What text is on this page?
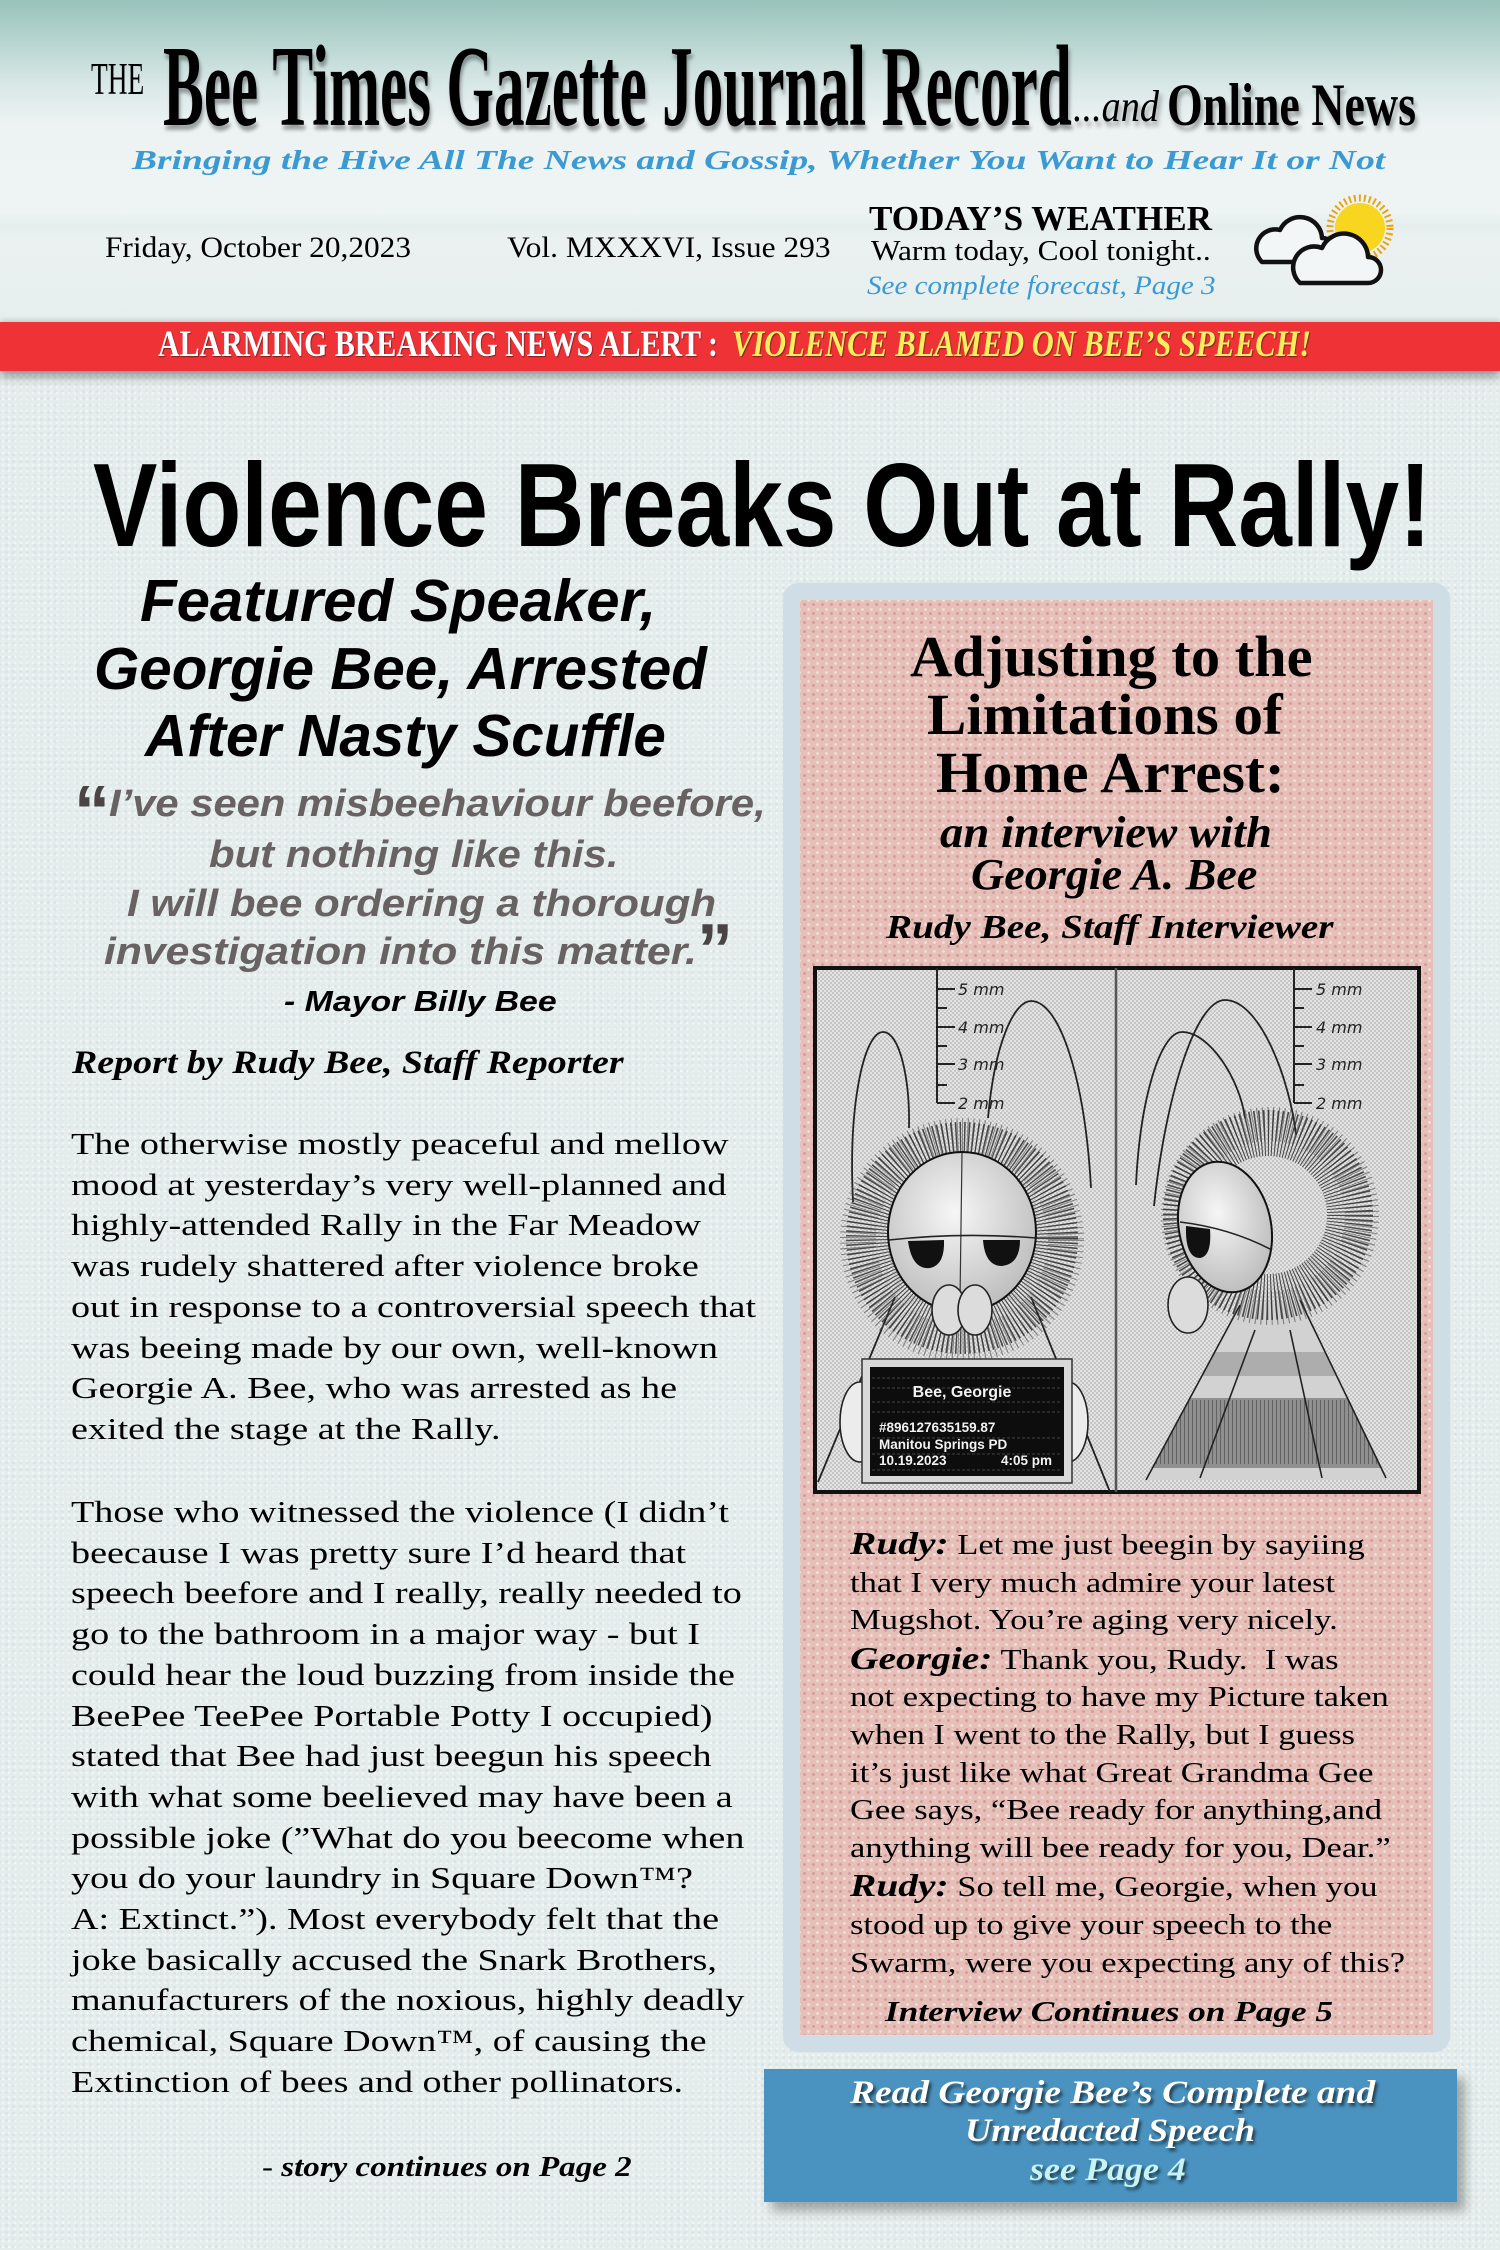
THE Bee Times Gazette Journal Record ...and Online News
Bringing the Hive All The News and Gossip, Whether You Want to Hear It or Not
Friday, October 20,2023	Vol. MXXXVI, Issue 293
TODAY’S WEATHER
Warm today, Cool tonight..
See complete forecast, Page 3
ALARMING BREAKING NEWS ALERT : VIOLENCE BLAMED ON BEE’S SPEECH!
Violence Breaks Out at Rally!
Featured Speaker,
Georgie Bee, Arrested
After Nasty Scuffle
“ I’ve seen misbeehaviour beefore,
but nothing like this.
I will bee ordering a thorough
investigation into this matter. ”
- Mayor Billy Bee
Report by Rudy Bee, Staff Reporter
The otherwise mostly peaceful and mellow
mood at yesterday’s very well-planned and
highly-attended Rally in the Far Meadow
was rudely shattered after violence broke
out in response to a controversial speech that
was beeing made by our own, well-known
Georgie A. Bee, who was arrested as he
exited the stage at the Rally.
Those who witnessed the violence (I didn’t
beecause I was pretty sure I’d heard that
speech beefore and I really, really needed to
go to the bathroom in a major way - but I
could hear the loud buzzing from inside the
BeePee TeePee Portable Potty I occupied)
stated that Bee had just beegun his speech
with what some beelieved may have been a
possible joke (”What do you beecome when
you do your laundry in Square Down™?
A: Extinct.”). Most everybody felt that the
joke basically accused the Snark Brothers,
manufacturers of the noxious, highly deadly
chemical, Square Down™, of causing the
Extinction of bees and other pollinators.
- story continues on Page 2
Adjusting to the
Limitations of
Home Arrest:
an interview with
Georgie A. Bee
Rudy Bee, Staff Interviewer
5 mm
4 mm
3 mm
2 mm
5 mm
4 mm
3 mm
2 mm
Bee, Georgie
#896127635159.87
Manitou Springs PD
10.19.2023	4:05 pm
Rudy: Let me just beegin by sayiing
that I very much admire your latest
Mugshot. You’re aging very nicely.
Georgie: Thank you, Rudy.  I was
not expecting to have my Picture taken
when I went to the Rally, but I guess
it’s just like what Great Grandma Gee
Gee says, “Bee ready for anything,and
anything will bee ready for you, Dear.”
Rudy: So tell me, Georgie, when you
stood up to give your speech to the
Swarm, were you expecting any of this?
Interview Continues on Page 5
Read Georgie Bee’s Complete and
Unredacted Speech
see Page 4
